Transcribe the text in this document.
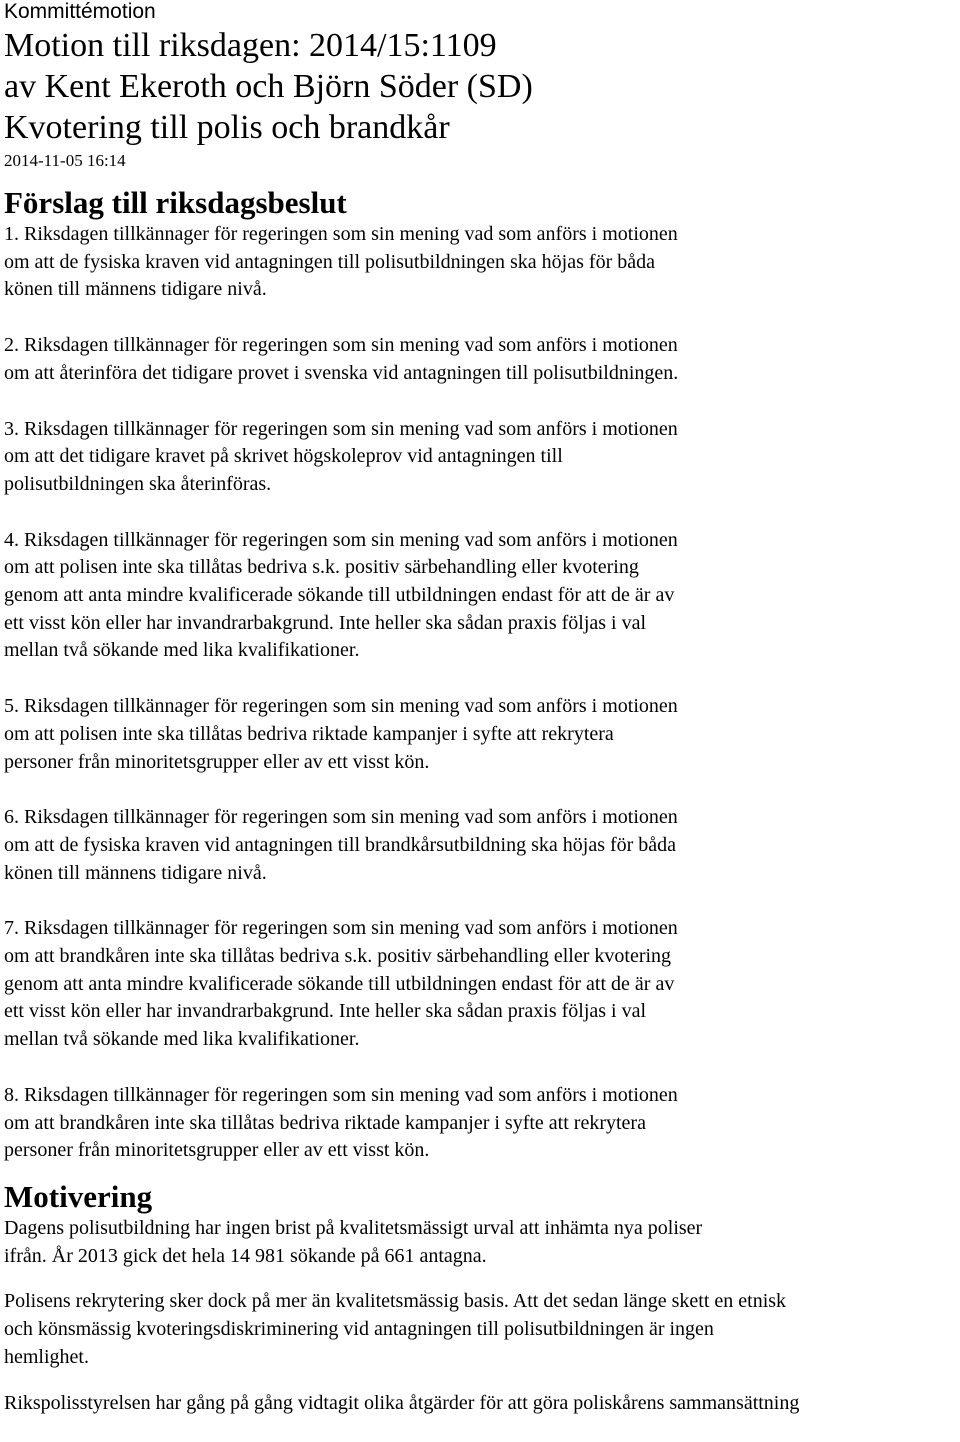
Kommittémotion
Motion till riksdagen: 2014/15:1109
av Kent Ekeroth och Björn Söder (SD)
Kvotering till polis och brandkår
2014-11-05 16:14
Förslag till riksdagsbeslut
1. Riksdagen tillkännager för regeringen som sin mening vad som anförs i motionen
om att de fysiska kraven vid antagningen till polisutbildningen ska höjas för båda
könen till männens tidigare nivå.
2. Riksdagen tillkännager för regeringen som sin mening vad som anförs i motionen
om att återinföra det tidigare provet i svenska vid antagningen till polisutbildningen.
3. Riksdagen tillkännager för regeringen som sin mening vad som anförs i motionen
om att det tidigare kravet på skrivet högskoleprov vid antagningen till
polisutbildningen ska återinföras.
4. Riksdagen tillkännager för regeringen som sin mening vad som anförs i motionen
om att polisen inte ska tillåtas bedriva s.k. positiv särbehandling eller kvotering
genom att anta mindre kvalificerade sökande till utbildningen endast för att de är av
ett visst kön eller har invandrarbakgrund. Inte heller ska sådan praxis följas i val
mellan två sökande med lika kvalifikationer.
5. Riksdagen tillkännager för regeringen som sin mening vad som anförs i motionen
om att polisen inte ska tillåtas bedriva riktade kampanjer i syfte att rekrytera
personer från minoritetsgrupper eller av ett visst kön.
6. Riksdagen tillkännager för regeringen som sin mening vad som anförs i motionen
om att de fysiska kraven vid antagningen till brandkårsutbildning ska höjas för båda
könen till männens tidigare nivå.
7. Riksdagen tillkännager för regeringen som sin mening vad som anförs i motionen
om att brandkåren inte ska tillåtas bedriva s.k. positiv särbehandling eller kvotering
genom att anta mindre kvalificerade sökande till utbildningen endast för att de är av
ett visst kön eller har invandrarbakgrund. Inte heller ska sådan praxis följas i val
mellan två sökande med lika kvalifikationer.
8. Riksdagen tillkännager för regeringen som sin mening vad som anförs i motionen
om att brandkåren inte ska tillåtas bedriva riktade kampanjer i syfte att rekrytera
personer från minoritetsgrupper eller av ett visst kön.
Motivering
Dagens polisutbildning har ingen brist på kvalitetsmässigt urval att inhämta nya poliser
ifrån. År 2013 gick det hela 14 981 sökande på 661 antagna.
Polisens rekrytering sker dock på mer än kvalitetsmässig basis. Att det sedan länge skett en etnisk
och könsmässig kvoteringsdiskriminering vid antagningen till polisutbildningen är ingen
hemlighet.
Rikspolisstyrelsen har gång på gång vidtagit olika åtgärder för att göra poliskårens sammansättning
